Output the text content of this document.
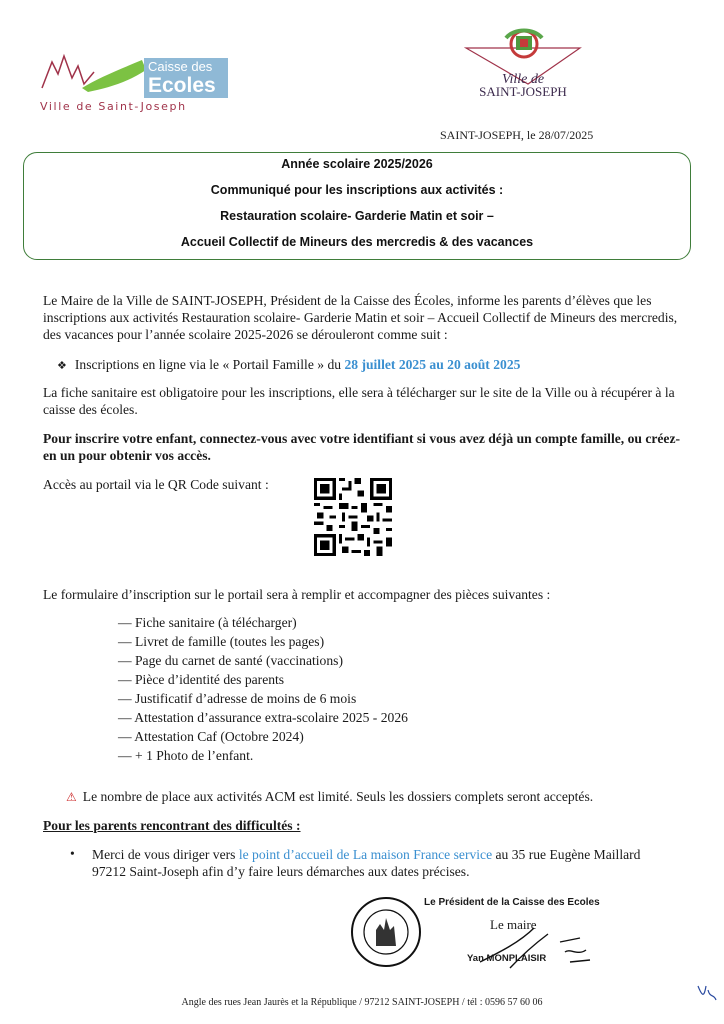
Caisse des
Ecoles
Ville de Saint-Joseph
Ville de
SAINT-JOSEPH
SAINT-JOSEPH, le 28/07/2025
Année scolaire 2025/2026
Communiqué pour les inscriptions aux activités :
Restauration scolaire- Garderie Matin et soir –
Accueil Collectif de Mineurs des mercredis & des vacances
Le Maire de la Ville de SAINT-JOSEPH, Président de la Caisse des Écoles, informe les parents d’élèves que les inscriptions aux activités Restauration scolaire- Garderie Matin et soir – Accueil Collectif de Mineurs des mercredis, des vacances pour l’année scolaire 2025-2026 se dérouleront comme suit :
❖ Inscriptions en ligne via le « Portail Famille » du 28 juillet 2025 au 20 août 2025
La fiche sanitaire est obligatoire pour les inscriptions, elle sera à télécharger sur le site de la Ville ou à récupérer à la caisse des écoles.
Pour inscrire votre enfant, connectez-vous avec votre identifiant si vous avez déjà un compte famille, ou créez-en un pour obtenir vos accès.
Accès au portail via le QR Code suivant :
Le formulaire d’inscription sur le portail sera à remplir et accompagner des pièces suivantes :
— Fiche sanitaire (à télécharger)
— Livret de famille (toutes les pages)
— Page du carnet de santé (vaccinations)
— Pièce d’identité des parents
— Justificatif d’adresse de moins de 6 mois
— Attestation d’assurance extra-scolaire 2025 - 2026
— Attestation Caf (Octobre 2024)
— + 1 Photo de l’enfant.
⚠ Le nombre de place aux activités ACM est limité. Seuls les dossiers complets seront acceptés.
Pour les parents rencontrant des difficultés :
• Merci de vous diriger vers le point d’accueil de La maison France service au 35 rue Eugène Maillard 97212 Saint-Joseph afin d’y faire leurs démarches aux dates précises.
Le Président de la Caisse des Ecoles
Le maire
Yan MONPLAISIR
Angle des rues Jean Jaurès et la République / 97212 SAINT-JOSEPH / tél : 0596 57 60 06
